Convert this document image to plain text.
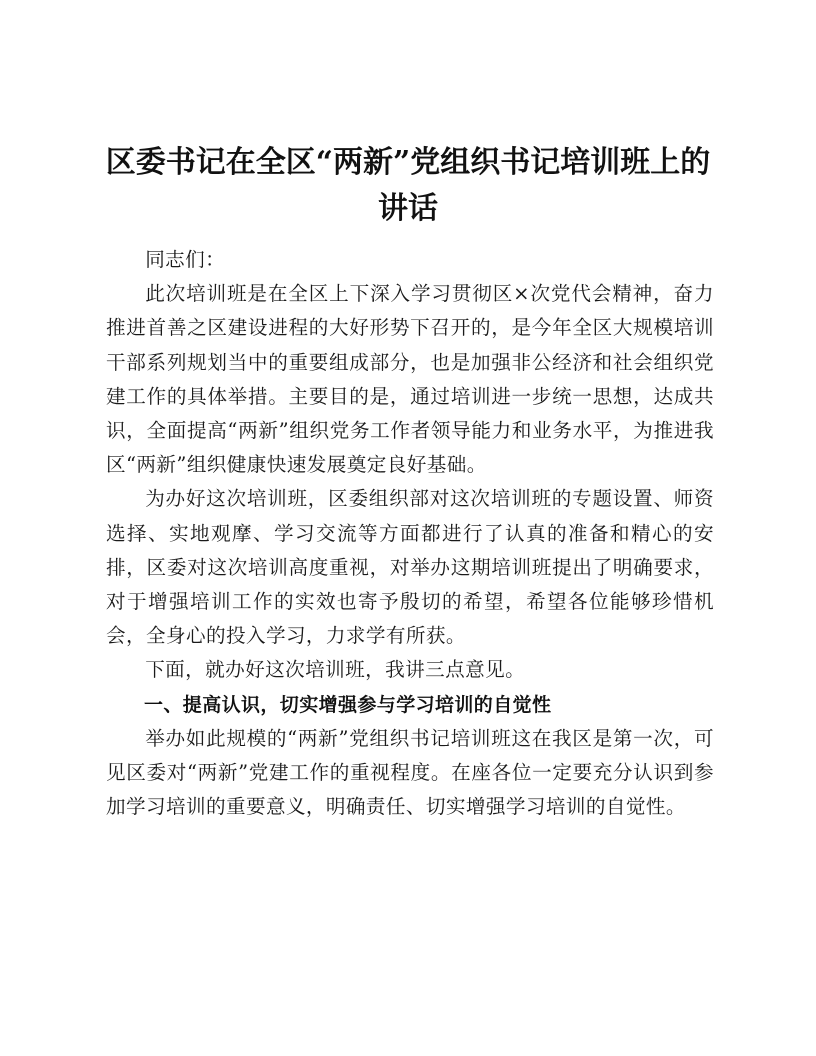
区委书记在全区“两新”党组织书记培训班上的讲话

同志们：

此次培训班是在全区上下深入学习贯彻区×次党代会精神，奋力推进首善之区建设进程的大好形势下召开的，是今年全区大规模培训干部系列规划当中的重要组成部分，也是加强非公经济和社会组织党建工作的具体举措。主要目的是，通过培训进一步统一思想，达成共识，全面提高“两新”组织党务工作者领导能力和业务水平，为推进我区“两新”组织健康快速发展奠定良好基础。

为办好这次培训班，区委组织部对这次培训班的专题设置、师资选择、实地观摩、学习交流等方面都进行了认真的准备和精心的安排，区委对这次培训高度重视，对举办这期培训班提出了明确要求，对于增强培训工作的实效也寄予殷切的希望，希望各位能够珍惜机会，全身心的投入学习，力求学有所获。

下面，就办好这次培训班，我讲三点意见。

一、提高认识，切实增强参与学习培训的自觉性

举办如此规模的“两新”党组织书记培训班这在我区是第一次，可见区委对“两新”党建工作的重视程度。在座各位一定要充分认识到参加学习培训的重要意义，明确责任、切实增强学习培训的自觉性。
